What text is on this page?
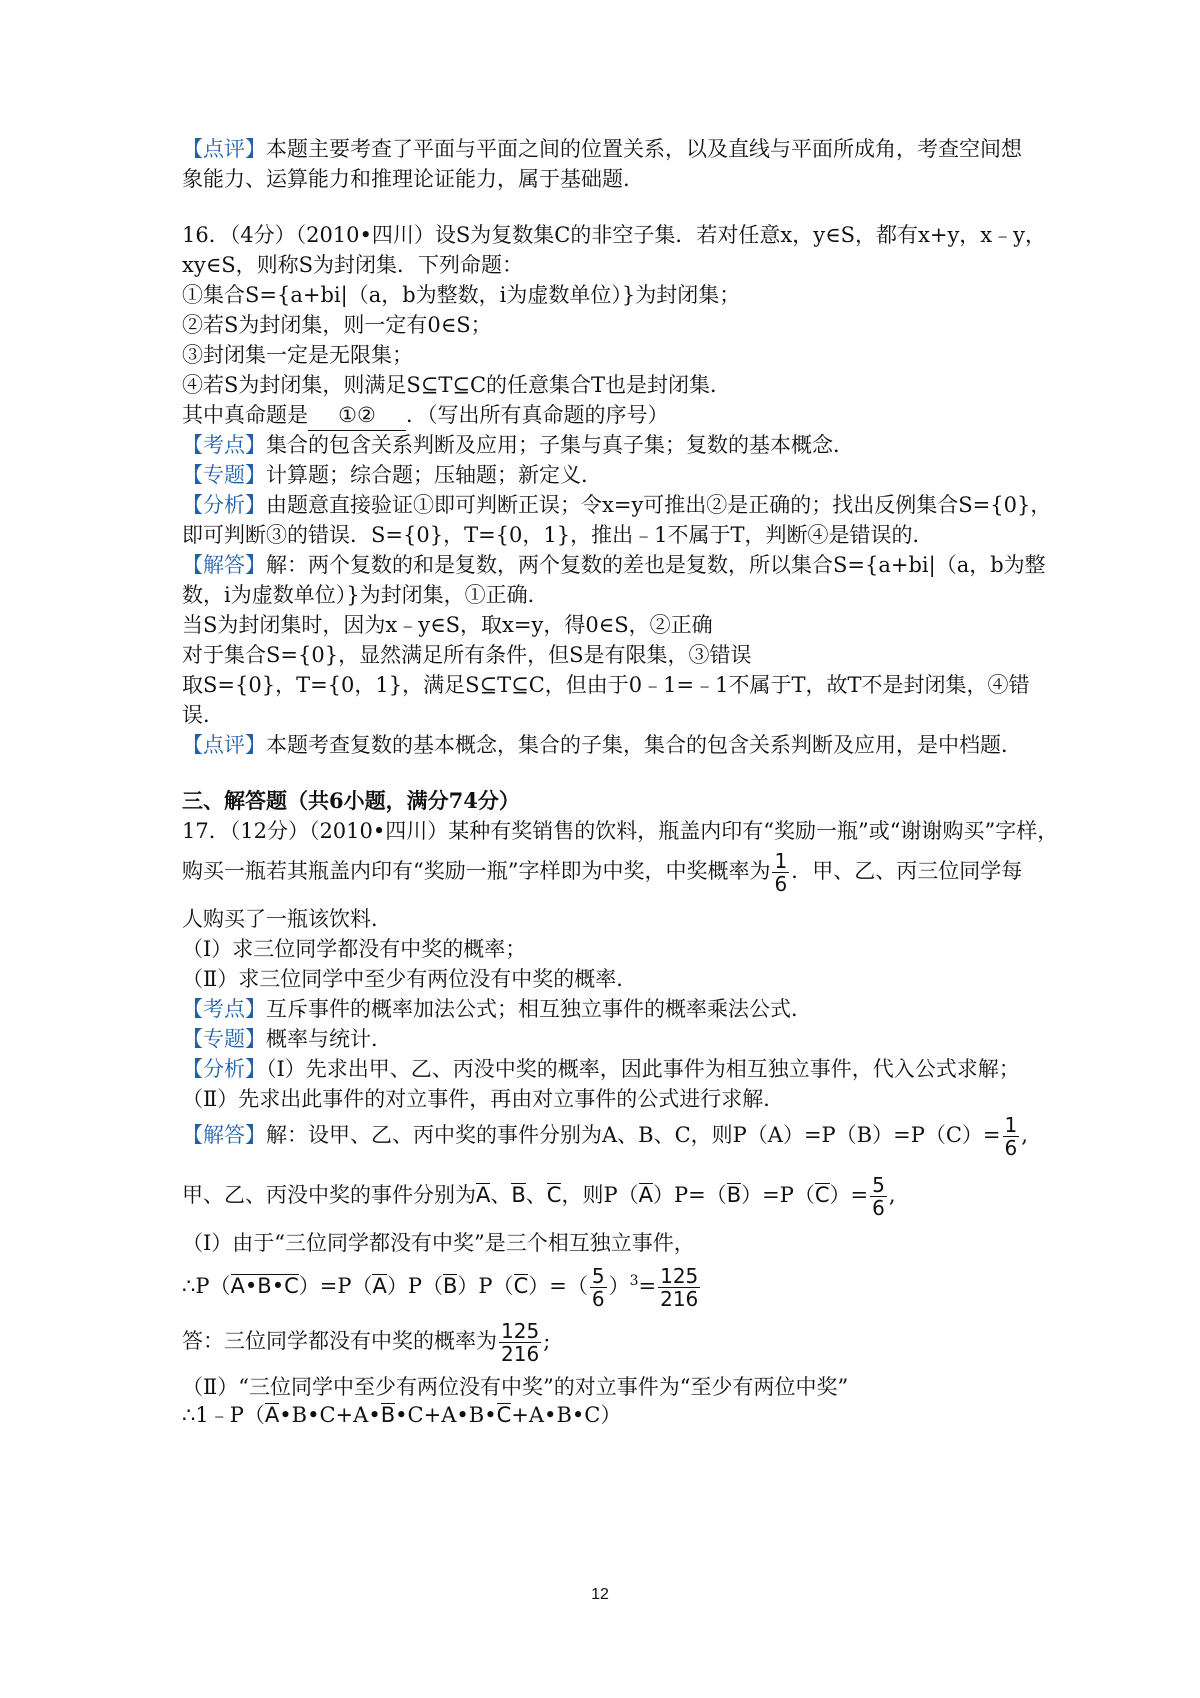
【点评】本题主要考查了平面与平面之间的位置关系，以及直线与平面所成角，考查空间想
象能力、运算能力和推理论证能力，属于基础题.
16．（4分）（2010•四川）设S为复数集C的非空子集．若对任意x，y∈S，都有x+y，x﹣y，
xy∈S，则称S为封闭集．下列命题：
①集合S={a+bi|（a，b为整数，i为虚数单位）}为封闭集；
②若S为封闭集，则一定有0∈S；
③封闭集一定是无限集；
④若S为封闭集，则满足S⊆T⊆C的任意集合T也是封闭集．
其中真命题是 ①② ．（写出所有真命题的序号）
【考点】集合的包含关系判断及应用；子集与真子集；复数的基本概念．
【专题】计算题；综合题；压轴题；新定义．
【分析】由题意直接验证①即可判断正误；令x=y可推出②是正确的；找出反例集合S={0}，
即可判断③的错误．S={0}，T={0，1}，推出﹣1不属于T，判断④是错误的．
【解答】解：两个复数的和是复数，两个复数的差也是复数，所以集合S={a+bi|（a，b为整
数，i为虚数单位）}为封闭集，①正确．
当S为封闭集时，因为x﹣y∈S，取x=y，得0∈S，②正确
对于集合S={0}，显然满足所有条件，但S是有限集，③错误
取S={0}，T={0，1}，满足S⊆T⊆C，但由于0﹣1=﹣1不属于T，故T不是封闭集，④错
误．
【点评】本题考查复数的基本概念，集合的子集，集合的包含关系判断及应用，是中档题．
三、解答题（共6小题，满分74分）
17．（12分）（2010•四川）某种有奖销售的饮料，瓶盖内印有“奖励一瓶”或“谢谢购买”字样，
购买一瓶若其瓶盖内印有“奖励一瓶”字样即为中奖，中奖概率为 $\frac{1}{6}$ ．甲、乙、丙三位同学每
人购买了一瓶该饮料．
（Ⅰ）求三位同学都没有中奖的概率；
（Ⅱ）求三位同学中至少有两位没有中奖的概率．
【考点】互斥事件的概率加法公式；相互独立事件的概率乘法公式．
【专题】概率与统计．
【分析】（Ⅰ）先求出甲、乙、丙没中奖的概率，因此事件为相互独立事件，代入公式求解；
（Ⅱ）先求出此事件的对立事件，再由对立事件的公式进行求解．
【解答】解：设甲、乙、丙中奖的事件分别为A、B、C，则$P(A)=P(B)=P(C)= \frac{1}{6}$ ,
甲、乙、丙没中奖的事件分别为A、B、C，则$P(A)P=(B)=P(C)= \frac{5}{6}$ ,
（Ⅰ）由于“三位同学都没有中奖”是三个相互独立事件，
∴P（A•B•C）=P（A）P（B）P（C）=（ $\frac{5}{6} )^3= \frac{125}{216}$
答：三位同学都没有中奖的概率为 $\frac{125}{216}$ ;
（Ⅱ）“三位同学中至少有两位没有中奖”的对立事件为“至少有两位中奖”
∴1﹣P（A•B•C+A•B•C+A•B•C+A•B•C）
12
